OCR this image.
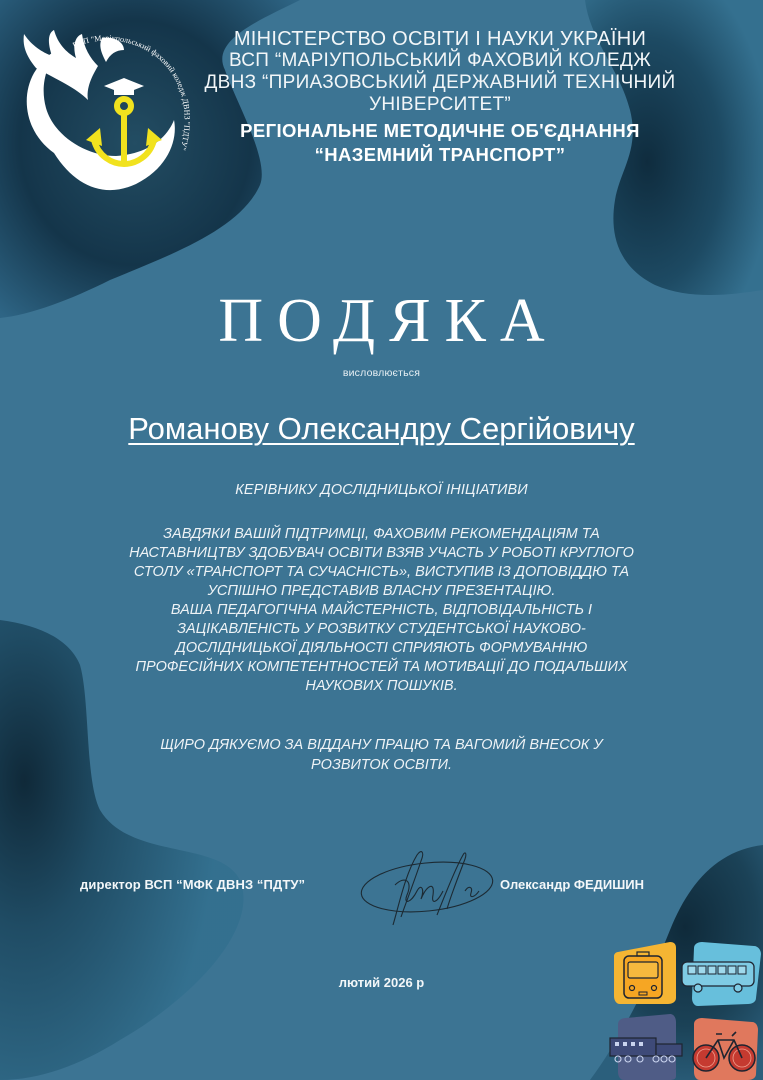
ВСП "Маріупольський фаховий коледж ДВНЗ "ПДТУ"
МІНІСТЕРСТВО ОСВІТИ І НАУКИ УКРАЇНИ
ВСП “МАРІУПОЛЬСЬКИЙ ФАХОВИЙ КОЛЕДЖ
ДВНЗ “ПРИАЗОВСЬКИЙ ДЕРЖАВНИЙ ТЕХНІЧНИЙ
УНІВЕРСИТЕТ”
РЕГІОНАЛЬНЕ МЕТОДИЧНЕ ОБ'ЄДНАННЯ
“НАЗЕМНИЙ ТРАНСПОРТ”
ПОДЯКА
висловлюється
Романову Олександру Сергійовичу
КЕРІВНИКУ ДОСЛІДНИЦЬКОЇ ІНІЦІАТИВИ

ЗАВДЯКИ ВАШІЙ ПІДТРИМЦІ, ФАХОВИМ РЕКОМЕНДАЦІЯМ ТА

НАСТАВНИЦТВУ ЗДОБУВАЧ ОСВІТИ ВЗЯВ УЧАСТЬ У РОБОТІ КРУГЛОГО

СТОЛУ «ТРАНСПОРТ ТА СУЧАСНІСТЬ», ВИСТУПИВ ІЗ ДОПОВІДДЮ ТА

УСПІШНО ПРЕДСТАВИВ ВЛАСНУ ПРЕЗЕНТАЦІЮ.

ВАША ПЕДАГОГІЧНА МАЙСТЕРНІСТЬ, ВІДПОВІДАЛЬНІСТЬ І

ЗАЦІКАВЛЕНІСТЬ У РОЗВИТКУ СТУДЕНТСЬКОЇ НАУКОВО-

ДОСЛІДНИЦЬКОЇ ДІЯЛЬНОСТІ СПРИЯЮТЬ ФОРМУВАННЮ

ПРОФЕСІЙНИХ КОМПЕТЕНТНОСТЕЙ ТА МОТИВАЦІЇ ДО ПОДАЛЬШИХ

НАУКОВИХ ПОШУКІВ.

ЩИРО ДЯКУЄМО ЗА ВІДДАНУ ПРАЦЮ ТА ВАГОМИЙ ВНЕСОК У
РОЗВИТОК ОСВІТИ.
директор ВСП “МФК ДВНЗ “ПДТУ”	Олександр ФЕДИШИН
лютий 2026 р
